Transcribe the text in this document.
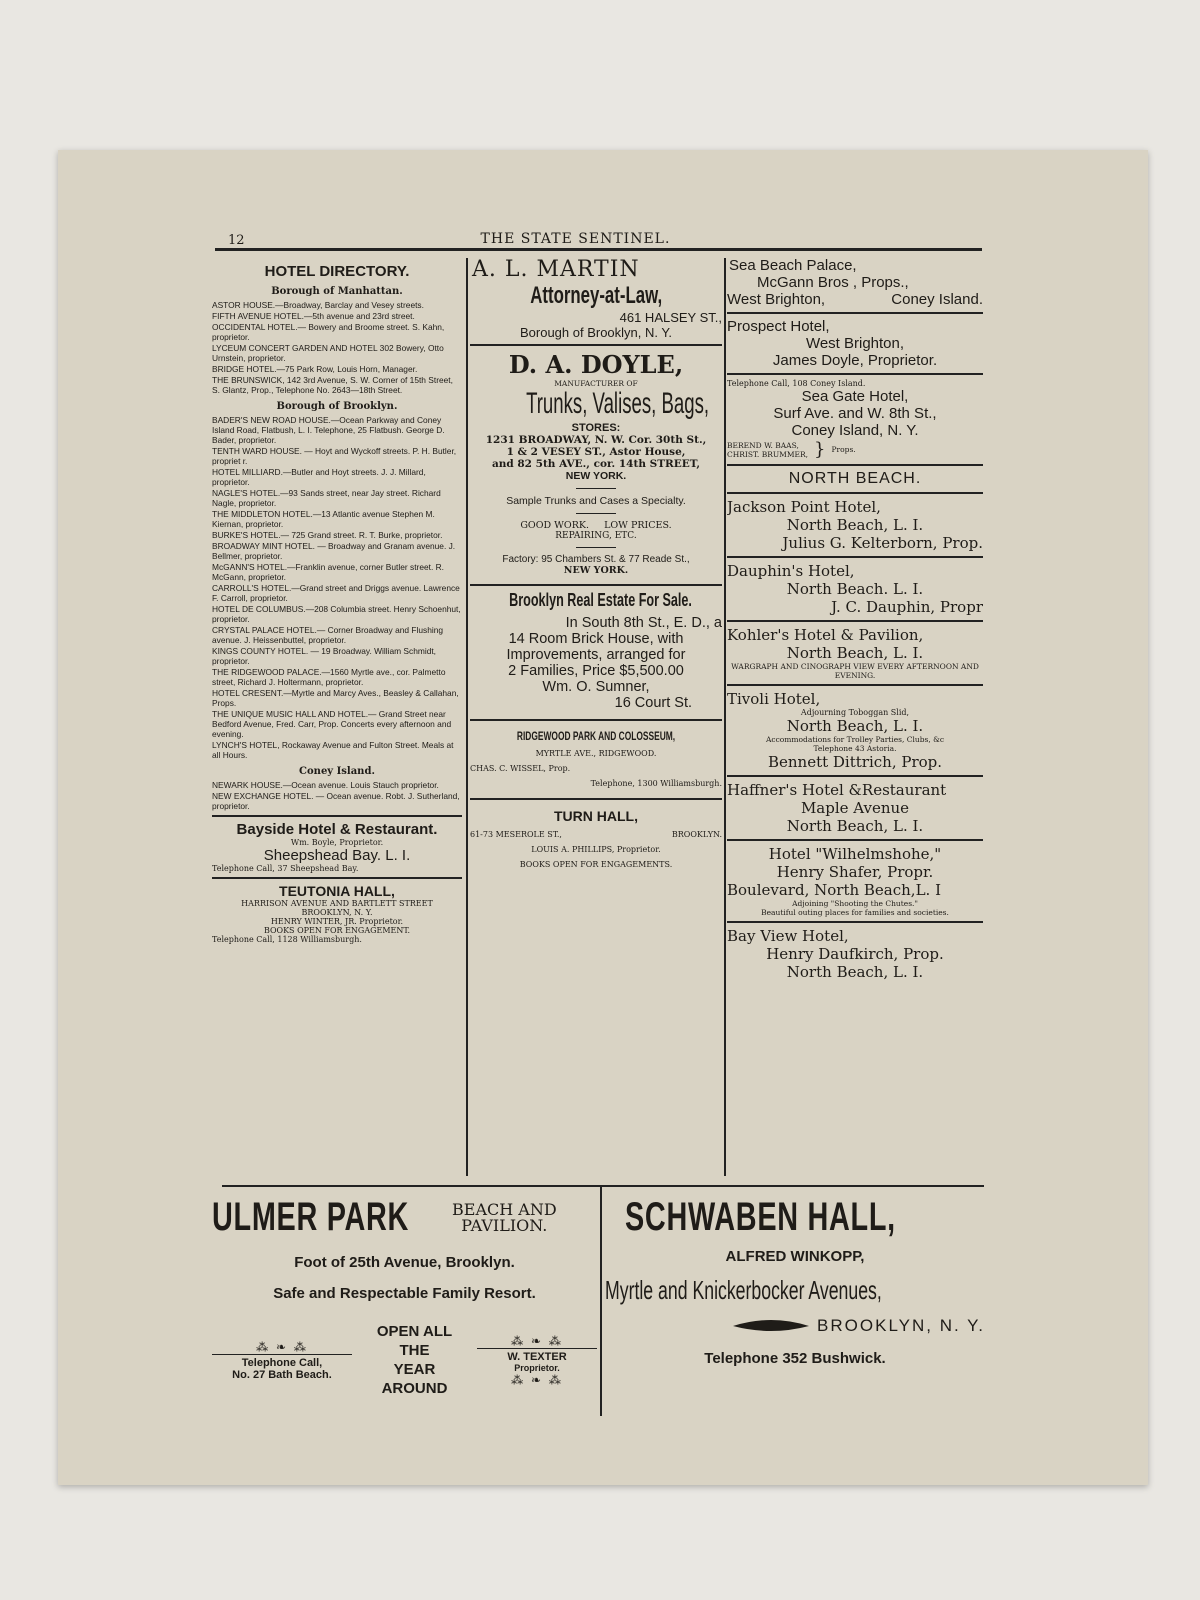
12	THE STATE SENTINEL.
HOTEL DIRECTORY.
Borough of Manhattan.
ASTOR HOUSE.—Broadway, Barclay and Vesey streets.
FIFTH AVENUE HOTEL.—5th avenue and 23rd street.
OCCIDENTAL HOTEL.— Bowery and Broome street. S. Kahn, proprietor.
LYCEUM CONCERT GARDEN AND HOTEL 302 Bowery, Otto Urnstein, proprietor.
BRIDGE HOTEL.—75 Park Row, Louis Horn, Manager.
THE BRUNSWICK, 142 3rd Avenue, S. W. Corner of 15th Street, S. Glantz, Prop., Telephone No. 2643—18th Street.
Borough of Brooklyn.
BADER'S NEW ROAD HOUSE.—Ocean Parkway and Coney Island Road, Flatbush, L. I. Telephone, 25 Flatbush. George D. Bader, proprietor.
TENTH WARD HOUSE. — Hoyt and Wyckoff streets. P. H. Butler, propriet r.
HOTEL MILLIARD.—Butler and Hoyt streets. J. J. Millard, proprietor.
NAGLE'S HOTEL.—93 Sands street, near Jay street. Richard Nagle, proprietor.
THE MIDDLETON HOTEL.—13 Atlantic avenue Stephen M. Kiernan, proprietor.
BURKE'S HOTEL.— 725 Grand street. R. T. Burke, proprietor.
BROADWAY MINT HOTEL. — Broadway and Granam avenue. J. Bellmer, proprietor.
McGANN'S HOTEL.—Franklin avenue, corner Butler street. R. McGann, proprietor.
CARROLL'S HOTEL.—Grand street and Driggs avenue. Lawrence F. Carroll, proprietor.
HOTEL DE COLUMBUS.—208 Columbia street. Henry Schoenhut, proprietor.
CRYSTAL PALACE HOTEL.— Corner Broadway and Flushing avenue. J. Heissenbuttel, proprietor.
KINGS COUNTY HOTEL. — 19 Broadway. William Schmidt, proprietor.
THE RIDGEWOOD PALACE.—1560 Myrtle ave., cor. Palmetto street, Richard J. Holtermann, proprietor.
HOTEL CRESENT.—Myrtle and Marcy Aves., Beasley & Callahan, Props.
THE UNIQUE MUSIC HALL AND HOTEL.— Grand Street near Bedford Avenue, Fred. Carr, Prop. Concerts every afternoon and evening.
LYNCH'S HOTEL, Rockaway Avenue and Fulton Street. Meals at all Hours.
Coney Island.
NEWARK HOUSE.—Ocean avenue. Louis Stauch proprietor.
NEW EXCHANGE HOTEL. — Ocean avenue. Robt. J. Sutherland, proprietor.
Bayside Hotel & Restaurant.
Wm. Boyle, Proprietor.
Sheepshead Bay. L. I.
Telephone Call, 37 Sheepshead Bay.
TEUTONIA HALL,
HARRISON AVENUE AND BARTLETT STREET
BROOKLYN, N. Y.
HENRY WINTER, JR. Proprietor.
BOOKS OPEN FOR ENGAGEMENT.
Telephone Call, 1128 Williamsburgh.
A. L. MARTIN
Attorney-at-Law,
461 HALSEY ST.,
Borough of Brooklyn, N. Y.
D. A. DOYLE,
MANUFACTURER OF
Trunks, Valises, Bags,
STORES:
1231 BROADWAY, N. W. Cor. 30th St.,
1 & 2 VESEY ST., Astor House,
and 82 5th AVE., cor. 14th STREET,
NEW YORK.
Sample Trunks and Cases a Specialty.
GOOD WORK. LOW PRICES.
REPAIRING, ETC.
Factory: 95 Chambers St. & 77 Reade St.,
NEW YORK.
Brooklyn Real Estate For Sale.
In South 8th St., E. D., a
14 Room Brick House, with
Improvements, arranged for
2 Families, Price $5,500.00
Wm. O. Sumner,
16 Court St.
RIDGEWOOD PARK AND COLOSSEUM,
MYRTLE AVE., RIDGEWOOD.
CHAS. C. WISSEL, Prop.
Telephone, 1300 Williamsburgh.
TURN HALL,
61-73 MESEROLE ST.,	BROOKLYN.
LOUIS A. PHILLIPS, Proprietor.
BOOKS OPEN FOR ENGAGEMENTS.
Sea Beach Palace,
McGann Bros , Props.,
West Brighton,	Coney Island.
Prospect Hotel,
West Brighton,
James Doyle, Proprietor.
Telephone Call, 108 Coney Island.
Sea Gate Hotel,
Surf Ave. and W. 8th St.,
Coney Island, N. Y.
BEREND W. BAAS,
CHRIST. BRUMMER, } Props.
NORTH BEACH.
Jackson Point Hotel,
North Beach, L. I.
Julius G. Kelterborn, Prop.
Dauphin's Hotel,
North Beach. L. I.
J. C. Dauphin, Propr
Kohler's Hotel & Pavilion,
North Beach, L. I.
WARGRAPH AND CINOGRAPH VIEW EVERY AFTERNOON AND EVENING.
Tivoli Hotel,
Adjourning Toboggan Slid,
North Beach, L. I.
Accommodations for Trolley Parties, Clubs, &c
Telephone 43 Astoria.
Bennett Dittrich, Prop.
Haffner's Hotel &Restaurant
Maple Avenue
North Beach, L. I.
Hotel "Wilhelmshohe,"
Henry Shafer, Propr.
Boulevard, North Beach,L. I
Adjoining "Shooting the Chutes."
Beautiful outing places for families and societies.
Bay View Hotel,
Henry Daufkirch, Prop.
North Beach, L. I.
ULMER PARK	BEACH AND
PAVILION.
Foot of 25th Avenue, Brooklyn.
Safe and Respectable Family Resort.
⁂ ❧ ⁂
Telephone Call,
No. 27 Bath Beach.
OPEN ALL
THE
YEAR
AROUND
⁂ ❧ ⁂
W. TEXTER
Proprietor.
⁂ ❧ ⁂
SCHWABEN HALL,
ALFRED WINKOPP,
Myrtle and Knickerbocker Avenues,
BROOKLYN, N. Y.
Telephone 352 Bushwick.
